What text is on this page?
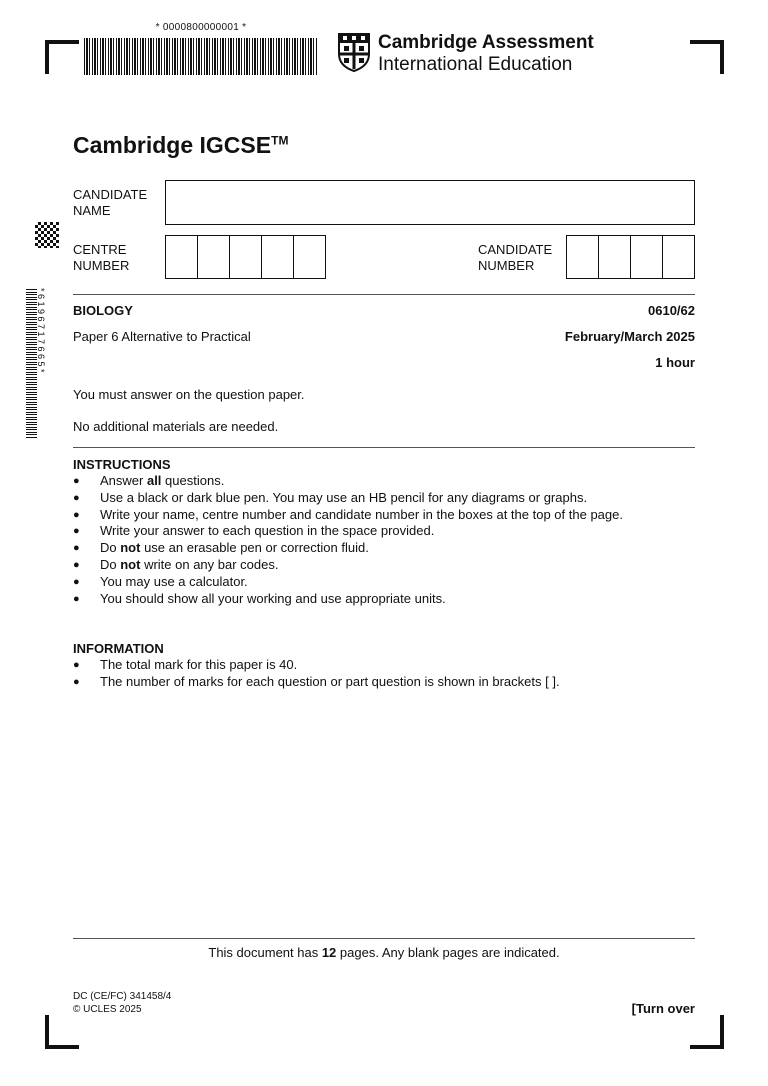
* 0000800000001 *
Cambridge Assessment
International Education
Cambridge IGCSE™
CANDIDATE
NAME
CENTRE
NUMBER
CANDIDATE
NUMBER
* 6 1 9 6 7 1 7 6 6 5 * BIOLOGY	0610/62
Paper 6 Alternative to Practical	February/March 2025
1 hour
You must answer on the question paper.
No additional materials are needed.
INSTRUCTIONS
● Answer all questions.
● Use a black or dark blue pen. You may use an HB pencil for any diagrams or graphs.
● Write your name, centre number and candidate number in the boxes at the top of the page.
● Write your answer to each question in the space provided.
● Do not use an erasable pen or correction fluid.
● Do not write on any bar codes.
● You may use a calculator.
● You should show all your working and use appropriate units.
INFORMATION
● The total mark for this paper is 40.
● The number of marks for each question or part question is shown in brackets [ ].
This document has 12 pages. Any blank pages are indicated.
DC (CE/FC) 341458/4
© UCLES 2025	[Turn over
